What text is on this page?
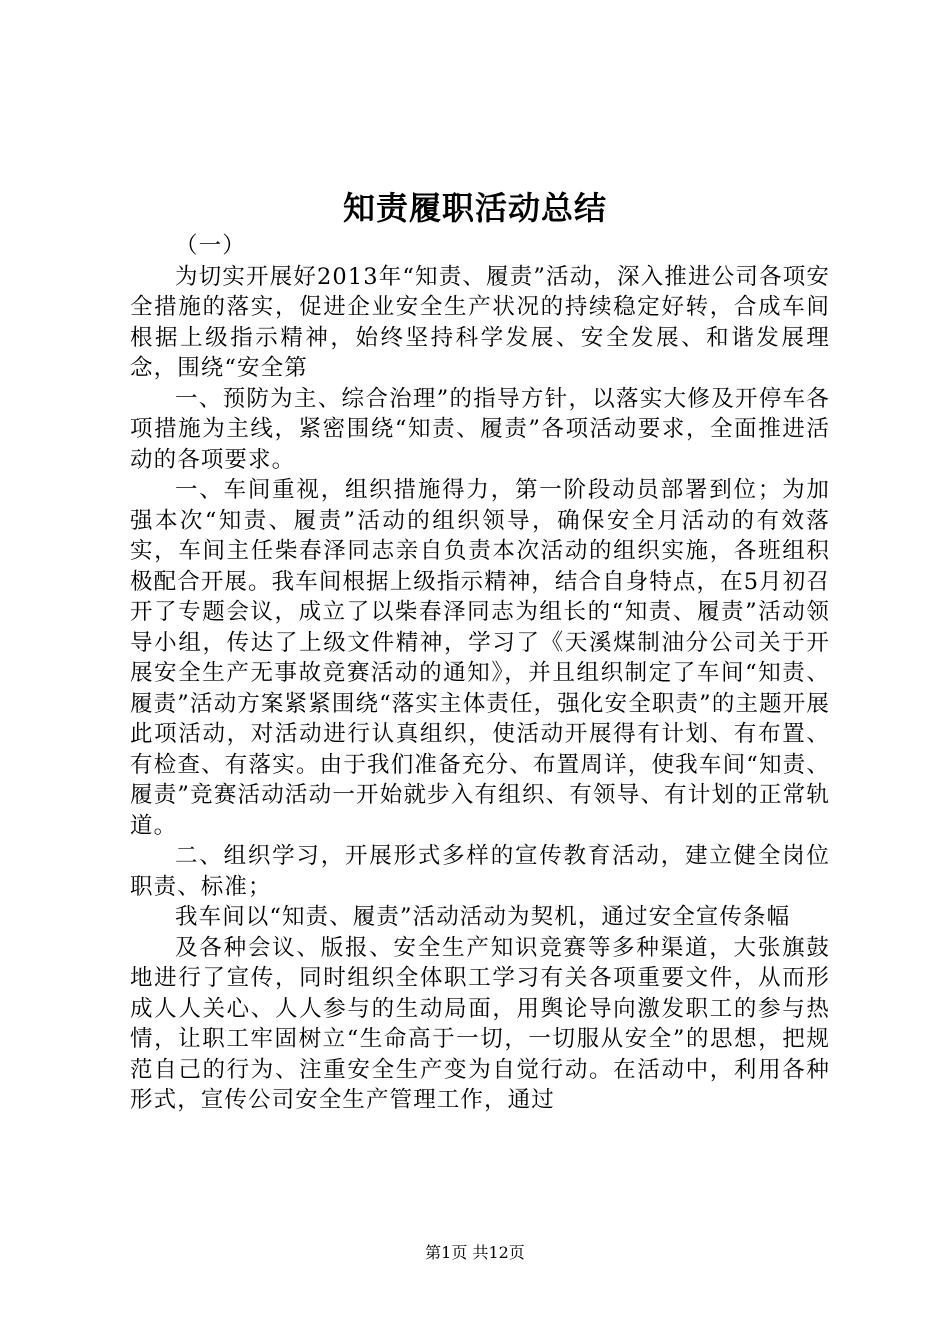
知责履职活动总结

（一）

为切实开展好2013年“知责、履责”活动，深入推进公司各项安全措施的落实，促进企业安全生产状况的持续稳定好转，合成车间根据上级指示精神，始终坚持科学发展、安全发展、和谐发展理念，围绕“安全第

一、预防为主、综合治理”的指导方针，以落实大修及开停车各项措施为主线，紧密围绕“知责、履责”各项活动要求，全面推进活动的各项要求。

一、车间重视，组织措施得力，第一阶段动员部署到位；为加强本次“知责、履责”活动的组织领导，确保安全月活动的有效落实，车间主任柴春泽同志亲自负责本次活动的组织实施，各班组积极配合开展。我车间根据上级指示精神，结合自身特点，在5月初召开了专题会议，成立了以柴春泽同志为组长的“知责、履责”活动领导小组，传达了上级文件精神，学习了《天溪煤制油分公司关于开展安全生产无事故竞赛活动的通知》，并且组织制定了车间“知责、履责”活动方案紧紧围绕“落实主体责任，强化安全职责”的主题开展此项活动，对活动进行认真组织，使活动开展得有计划、有布置、有检查、有落实。由于我们准备充分、布置周详，使我车间“知责、履责”竞赛活动活动一开始就步入有组织、有领导、有计划的正常轨道。

二、组织学习，开展形式多样的宣传教育活动，建立健全岗位职责、标准；

我车间以“知责、履责”活动活动为契机，通过安全宣传条幅

及各种会议、版报、安全生产知识竞赛等多种渠道，大张旗鼓地进行了宣传，同时组织全体职工学习有关各项重要文件，从而形成人人关心、人人参与的生动局面，用舆论导向激发职工的参与热情，让职工牢固树立“生命高于一切，一切服从安全”的思想，把规范自己的行为、注重安全生产变为自觉行动。在活动中，利用各种形式，宣传公司安全生产管理工作，通过

第1页 共12页
